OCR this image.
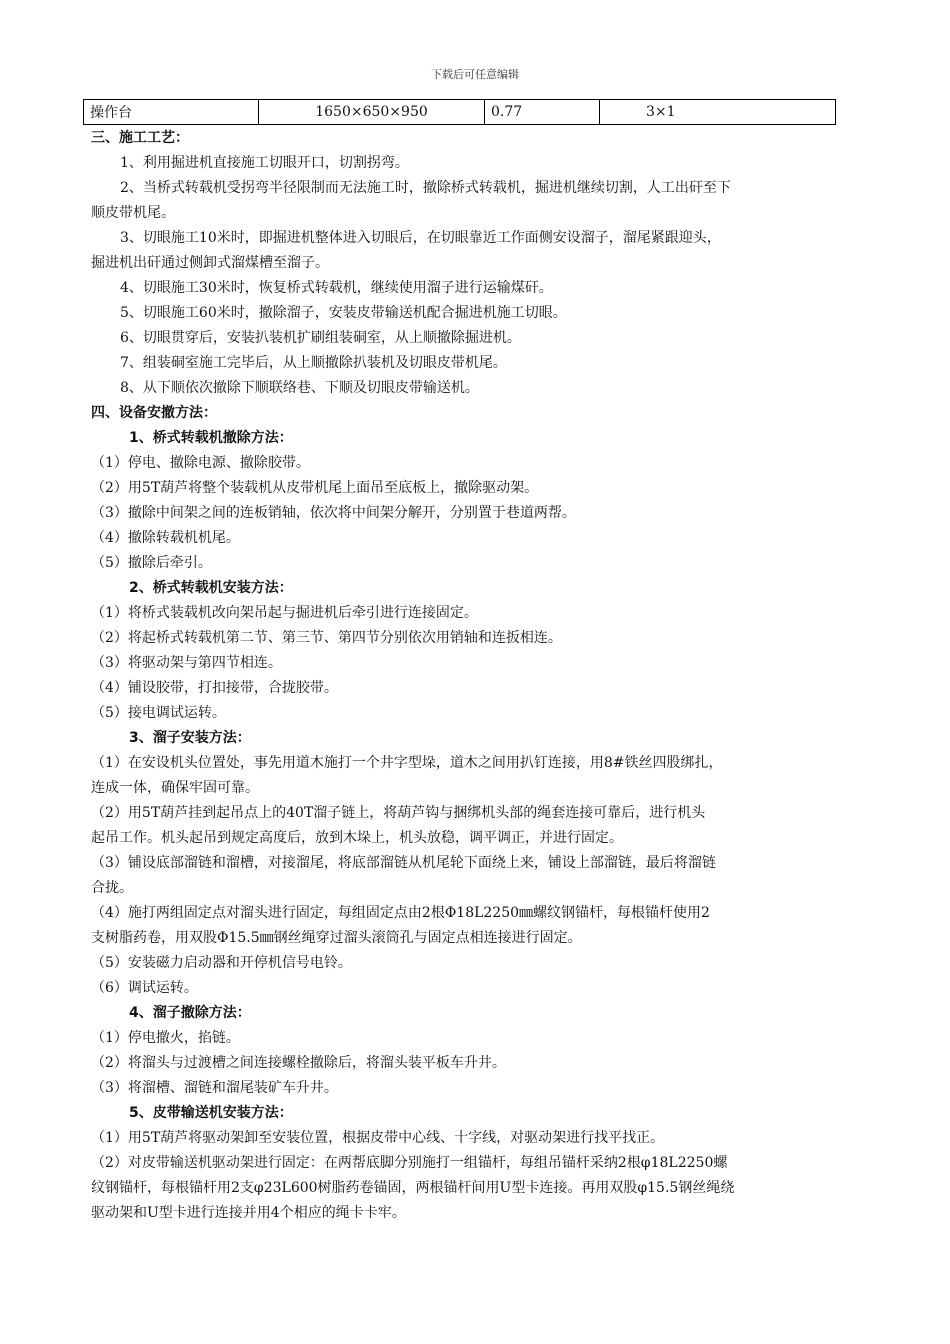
下载后可任意编辑
操作台	1650×650×950	0.77	3×1
三、施工工艺：
1、利用掘进机直接施工切眼开口，切割拐弯。
2、当桥式转载机受拐弯半径限制而无法施工时，撤除桥式转载机，掘进机继续切割，人工出矸至下
顺皮带机尾。
3、切眼施工10米时，即掘进机整体进入切眼后，在切眼靠近工作面侧安设溜子，溜尾紧跟迎头，
掘进机出矸通过侧卸式溜煤槽至溜子。
4、切眼施工30米时，恢复桥式转载机，继续使用溜子进行运输煤矸。
5、切眼施工60米时，撤除溜子，安装皮带输送机配合掘进机施工切眼。
6、切眼贯穿后，安装扒装机扩刷组装硐室，从上顺撤除掘进机。
7、组装硐室施工完毕后，从上顺撤除扒装机及切眼皮带机尾。
8、从下顺依次撤除下顺联络巷、下顺及切眼皮带输送机。
四、设备安撤方法：
1、桥式转载机撤除方法：
（1）停电、撤除电源、撤除胶带。
（2）用5T葫芦将整个装载机从皮带机尾上面吊至底板上，撤除驱动架。
（3）撤除中间架之间的连板销轴，依次将中间架分解开，分别置于巷道两帮。
（4）撤除转载机机尾。
（5）撤除后牵引。
2、桥式转载机安装方法：
（1）将桥式装载机改向架吊起与掘进机后牵引进行连接固定。
（2）将起桥式转载机第二节、第三节、第四节分别依次用销轴和连扳相连。
（3）将驱动架与第四节相连。
（4）铺设胶带，打扣接带，合拢胶带。
（5）接电调试运转。
3、溜子安装方法：
（1）在安设机头位置处，事先用道木施打一个井字型垛，道木之间用扒钉连接，用8#铁丝四股绑扎，
连成一体，确保牢固可靠。
（2）用5T葫芦挂到起吊点上的40T溜子链上，将葫芦钩与捆绑机头部的绳套连接可靠后，进行机头
起吊工作。机头起吊到规定高度后，放到木垛上，机头放稳，调平调正，并进行固定。
（3）铺设底部溜链和溜槽，对接溜尾，将底部溜链从机尾轮下面绕上来，铺设上部溜链，最后将溜链
合拢。
（4）施打两组固定点对溜头进行固定，每组固定点由2根Φ18L2250㎜螺纹钢锚杆，每根锚杆使用2
支树脂药卷，用双股Φ15.5㎜钢丝绳穿过溜头滚筒孔与固定点相连接进行固定。
（5）安装磁力启动器和开停机信号电铃。
（6）调试运转。
4、溜子撤除方法：
（1）停电撤火，掐链。
（2）将溜头与过渡槽之间连接螺栓撤除后，将溜头装平板车升井。
（3）将溜槽、溜链和溜尾装矿车升井。
5、皮带输送机安装方法：
（1）用5T葫芦将驱动架卸至安装位置，根据皮带中心线、十字线，对驱动架进行找平找正。
（2）对皮带输送机驱动架进行固定：在两帮底脚分别施打一组锚杆，每组吊锚杆采纳2根φ18L2250螺
纹钢锚杆，每根锚杆用2支φ23L600树脂药卷锚固，两根锚杆间用U型卡连接。再用双股φ15.5钢丝绳绕
驱动架和U型卡进行连接并用4个相应的绳卡卡牢。
